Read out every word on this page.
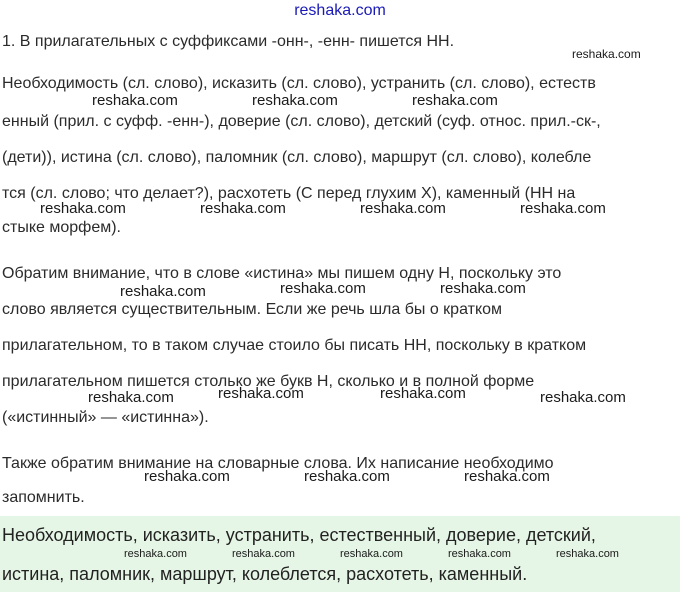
reshaka.com
1. В прилагательных с суффиксами -онн-, -енн- пишется НН.
reshaka.com
Необходимость (сл. слово), исказить (сл. слово), устранить (сл. слово), естеств
reshaka.com	reshaka.com	reshaka.com
енный (прил. с суфф. -енн-), доверие (сл. слово), детский (суф. относ. прил.-ск-,
(дети)), истина (сл. слово), паломник (сл. слово), маршрут (сл. слово), колебле
тся (сл. слово; что делает?), расхотеть (С перед глухим Х), каменный (НН на
reshaka.com	reshaka.com	reshaka.com	reshaka.com
стыке морфем).
Обратим внимание, что в слове «истина» мы пишем одну Н, поскольку это
reshaka.com	reshaka.com	reshaka.com
слово является существительным. Если же речь шла бы о кратком
прилагательном, то в таком случае стоило бы писать НН, поскольку в кратком
прилагательном пишется столько же букв Н, сколько и в полной форме
reshaka.com	reshaka.com	reshaka.com	reshaka.com
(«истинный» — «истинна»).
Также обратим внимание на словарные слова. Их написание необходимо
reshaka.com	reshaka.com	reshaka.com
запомнить.
Необходимость, исказить, устранить, естественный, доверие, детский,
reshaka.com	reshaka.com	reshaka.com	reshaka.com	reshaka.com
истина, паломник, маршрут, колеблется, расхотеть, каменный.
